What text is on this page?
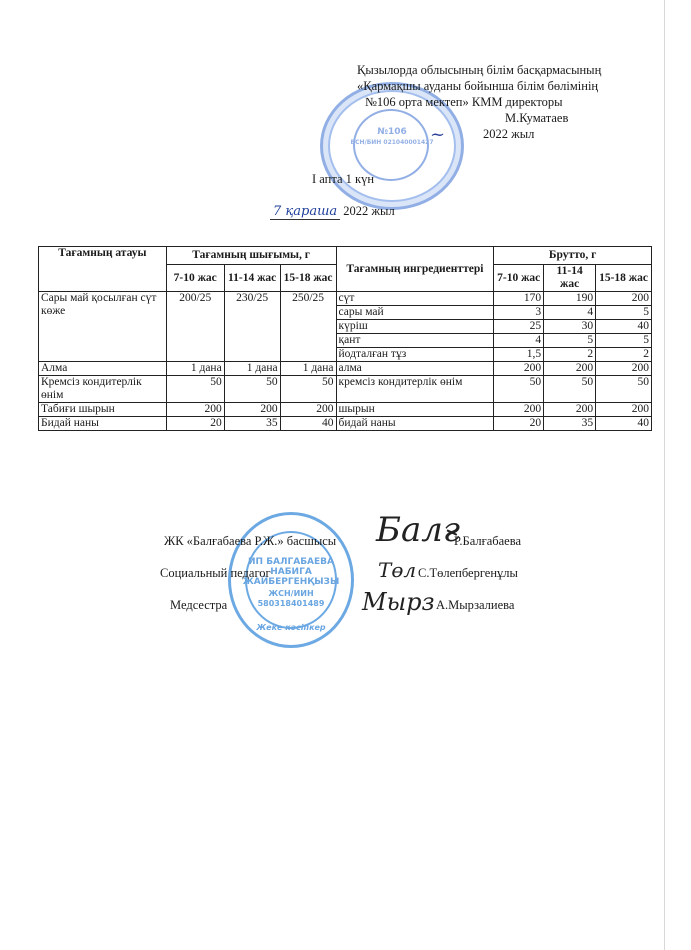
№106
БСН/БИН 021040001427
Қызылорда облысының білім басқармасының
«Қармақшы ауданы бойынша білім бөлімінің
№106 орта мектеп» КММ директоры
М.Куматаев
2022 жыл
~
I апта 1 күн
7 қараша 2022 жыл
Тағамның атауы	Тағамның шығымы, г			Тағамның ингредиенттері	Брутто, г		
	7-10 жас	11-14 жас	15-18 жас		7-10 жас	11-14 жас	15-18 жас
Сары май қосылған сүт көже	200/25	230/25	250/25	сүт	170	190	200
				сары май	3	4	5
				күріш	25	30	40
				қант	4	5	5
				йодталған тұз	1,5	2	2
Алма	1 дана	1 дана	1 дана	алма	200	200	200
Кремсіз кондитерлік өнім	50	50	50	кремсіз кондитерлік өнім	50	50	50
Табиғи шырын	200	200	200	шырын	200	200	200
Бидай наны	20	35	40	бидай наны	20	35	40
ИП БАЛГАБАЕВА
НАБИГА
ЖАЙБЕРГЕНҚЫЗЫ
ЖСН/ИИН
580318401489
Жеке кәсіпкер
ЖК «Балғабаева Р.Ж.» басшысы Балғ
Р.Балғабаева
Социальный педагог	Төл С.Төлепбергенұлы
Медсестра	Мырз А.Мырзалиева
